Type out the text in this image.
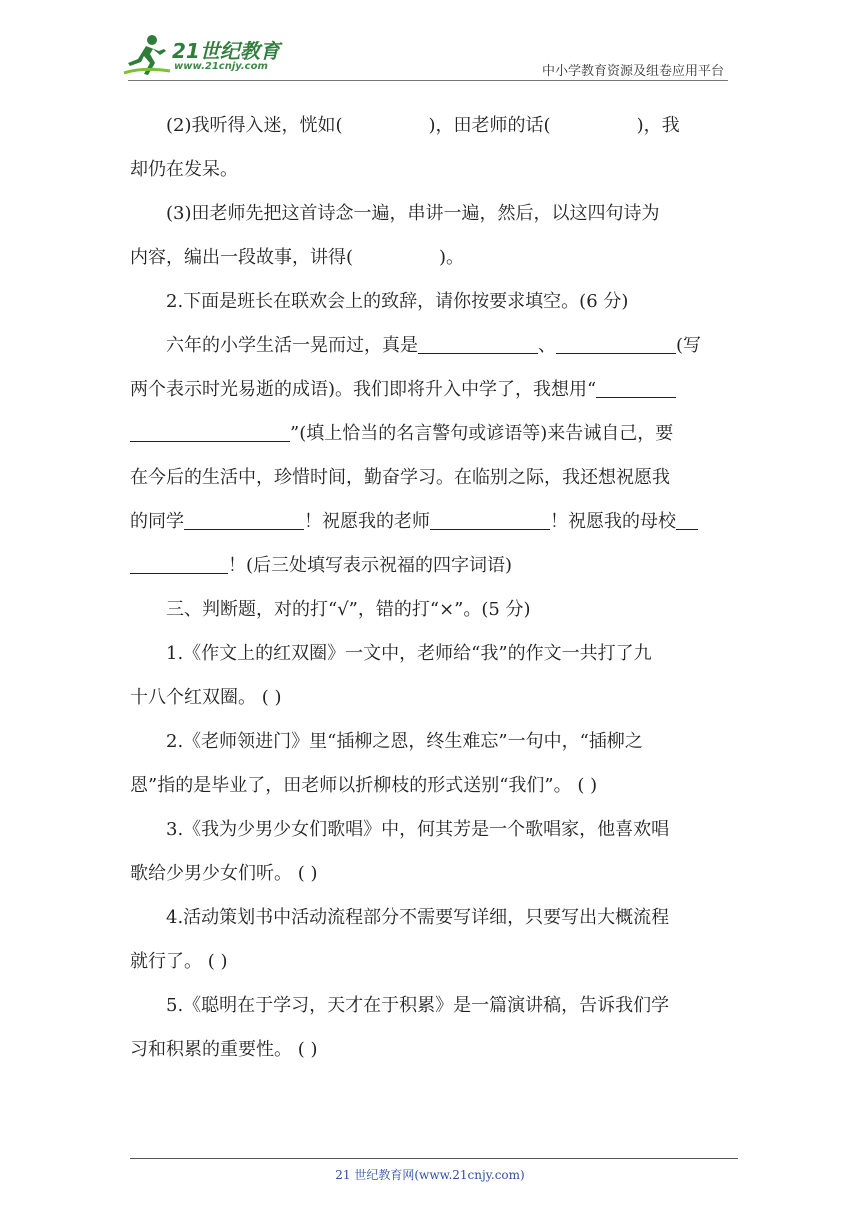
21世纪教育
www.21cnjy.com	中小学教育资源及组卷应用平台

(2)我听得入迷，恍如(	)，田老师的话(	)，我

却仍在发呆。

(3)田老师先把这首诗念一遍，串讲一遍，然后，以这四句诗为

内容，编出一段故事，讲得(	)。

2.下面是班长在联欢会上的致辞，请你按要求填空。(6 分)

六年的小学生活一晃而过，真是	、	(写

两个表示时光易逝的成语)。我们即将升入中学了，我想用“

”(填上恰当的名言警句或谚语等)来告诫自己，要

在今后的生活中，珍惜时间，勤奋学习。在临别之际，我还想祝愿我

的同学	！祝愿我的老师	！祝愿我的母校

！(后三处填写表示祝福的四字词语)

三、判断题，对的打“√”，错的打“×”。(5 分)

1.《作文上的红双圈》一文中，老师给“我”的作文一共打了九

十八个红双圈。 ( )

2.《老师领进门》里“插柳之恩，终生难忘”一句中，“插柳之

恩”指的是毕业了，田老师以折柳枝的形式送别“我们”。 ( )

3.《我为少男少女们歌唱》中，何其芳是一个歌唱家，他喜欢唱

歌给少男少女们听。 ( )

4.活动策划书中活动流程部分不需要写详细，只要写出大概流程

就行了。 ( )

5.《聪明在于学习，天才在于积累》是一篇演讲稿，告诉我们学

习和积累的重要性。 ( )

21 世纪教育网(www.21cnjy.com)
